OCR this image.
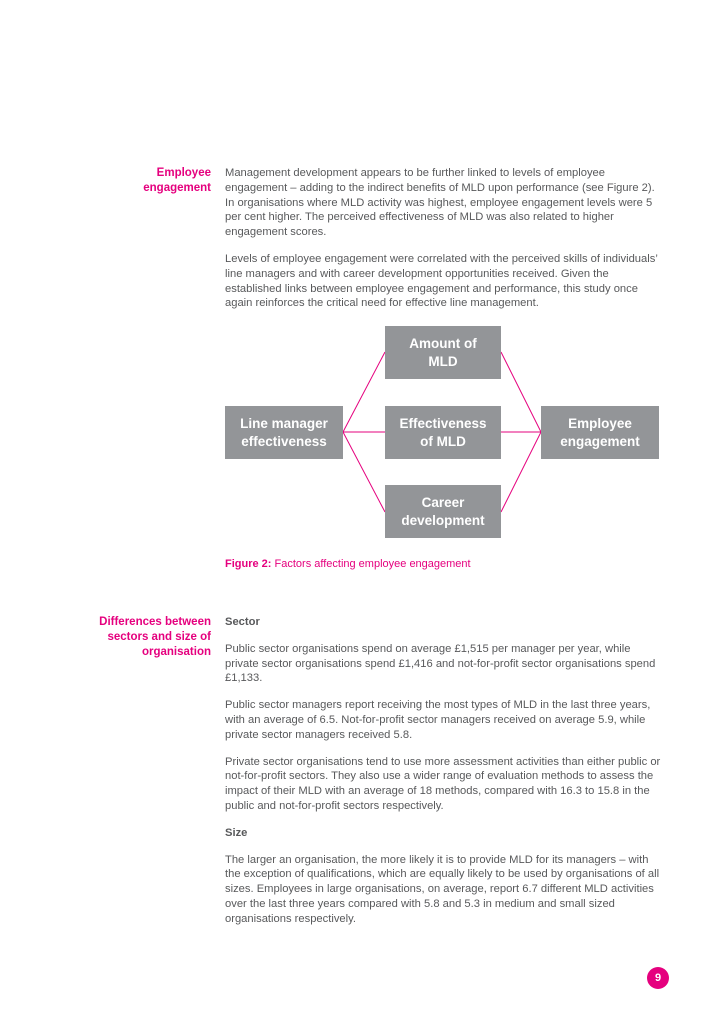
Employee
engagement

Management development appears to be further linked to levels of employee engagement – adding to the indirect benefits of MLD upon performance (see Figure 2). In organisations where MLD activity was highest, employee engagement levels were 5 per cent higher. The perceived effectiveness of MLD was also related to higher engagement scores.

Levels of employee engagement were correlated with the perceived skills of individuals’ line managers and with career development opportunities received. Given the established links between employee engagement and performance, this study once again reinforces the critical need for effective line management.

Amount of
MLD
Line manager
effectiveness
Effectiveness
of MLD
Employee
engagement
Career
development
Figure 2: Factors affecting employee engagement
Differences between
sectors and size of
organisation
Sector

Public sector organisations spend on average £1,515 per manager per year, while private sector organisations spend £1,416 and not-for-profit sector organisations spend £1,133.

Public sector managers report receiving the most types of MLD in the last three years, with an average of 6.5. Not-for-profit sector managers received on average 5.9, while private sector managers received 5.8.

Private sector organisations tend to use more assessment activities than either public or not-for-profit sectors. They also use a wider range of evaluation methods to assess the impact of their MLD with an average of 18 methods, compared with 16.3 to 15.8 in the public and not-for-profit sectors respectively.

Size

The larger an organisation, the more likely it is to provide MLD for its managers – with the exception of qualifications, which are equally likely to be used by organisations of all sizes. Employees in large organisations, on average, report 6.7 different MLD activities over the last three years compared with 5.8 and 5.3 in medium and small sized organisations respectively.

9
